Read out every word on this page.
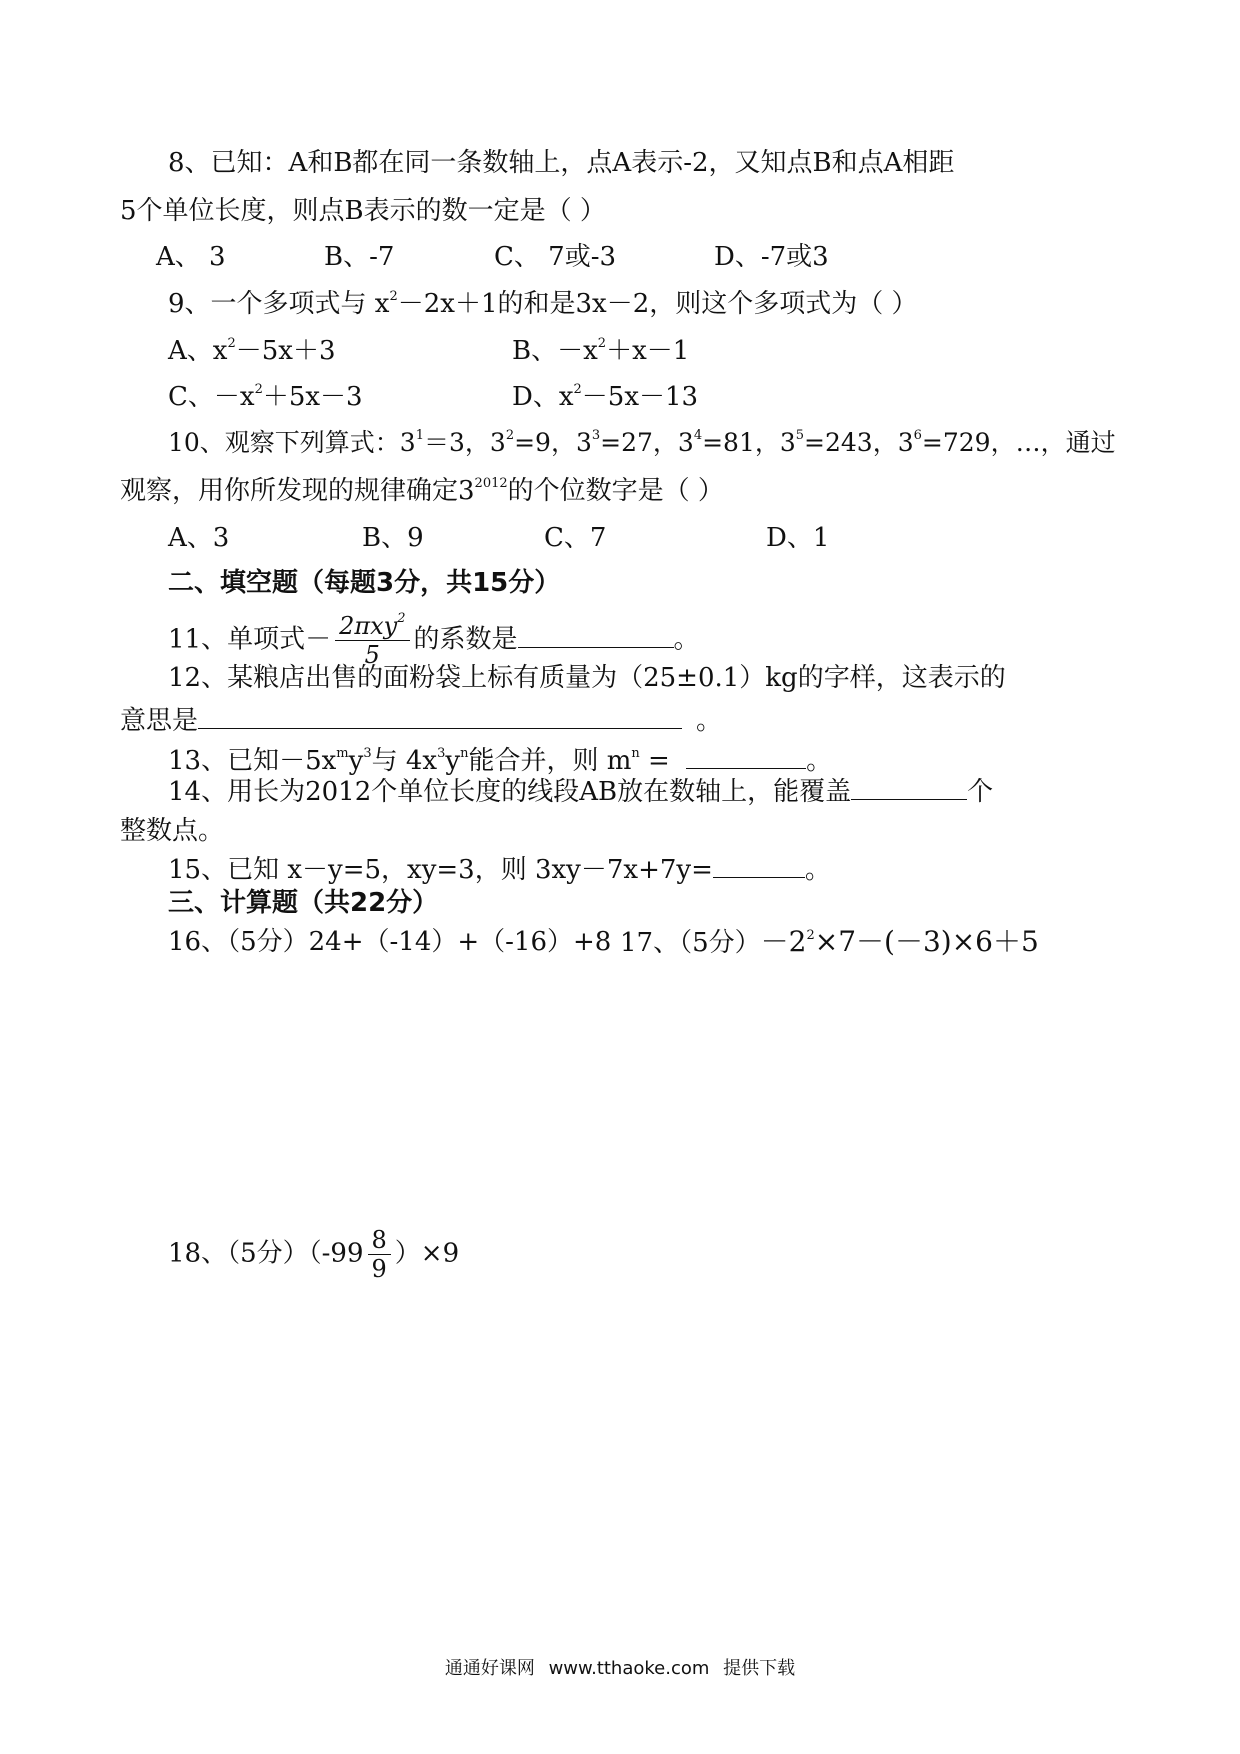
8、已知：A和B都在同一条数轴上，点A表示-2，又知点B和点A相距
5个单位长度，则点B表示的数一定是（ ）
A、 3	B、-7	C、 7或-3	D、-7或3
9、一个多项式与 $x^2-2x+1$的和是3x－2，则这个多项式为（ ）
A、$x^2-5x+3$	B、$-x^2+x-1$
C、$-x^2+5x-3$	D、$x^2-5x-13$
10、观察下列算式：$3^1=3$，$3^2=9$，$3^3=27$，$3^4=81$，$3^5=243$，$3^6=729$，…，通过
观察，用你所发现的规律确定$3^{2012}$的个位数字是（ ）
A、3	B、9	C、7	D、1
二、填空题（每题3分，共15分）
11、单项式－ $\frac{2\pi xy^2}{5}$ 的系数是	。
12、某粮店出售的面粉袋上标有质量为（25±0.1）kg的字样，这表示的
意思是	。
13、已知$-5x^my^3$与 $4x^3y^n$能合并，则 $m^n$ =	。
14、用长为2012个单位长度的线段AB放在数轴上，能覆盖	个
整数点。
15、已知 x－y=5，xy=3，则 3xy－7x+7y=	。
三、计算题（共22分）
16、（5分）24+（-14）+（-16）+8 17、（5分）$-2^2\times 7-(-3)\times 6+5$
18、（5分）$(-99 \frac{8}{9} )\times 9$
通通好课网 www.tthaoke.com 提供下载
